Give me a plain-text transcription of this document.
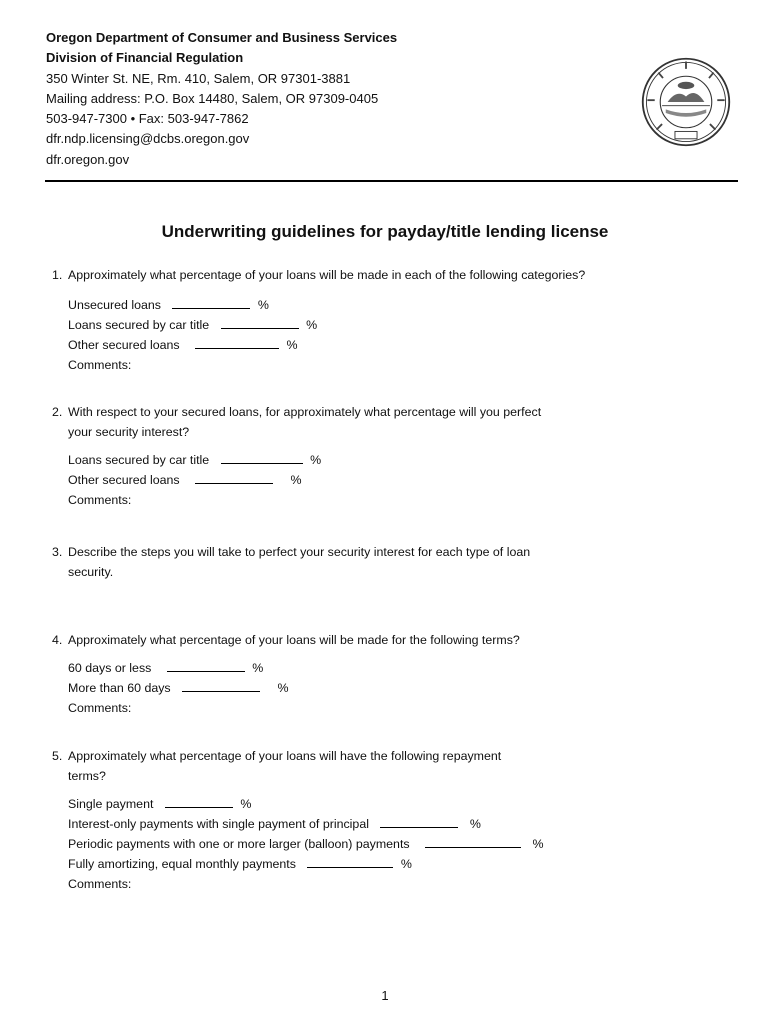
Oregon Department of Consumer and Business Services
Division of Financial Regulation
350 Winter St. NE, Rm. 410, Salem, OR 97301-3881
Mailing address: P.O. Box 14480, Salem, OR 97309-0405
503-947-7300 • Fax: 503-947-7862
dfr.ndp.licensing@dcbs.oregon.gov
dfr.oregon.gov
Underwriting guidelines for payday/title lending license
1. Approximately what percentage of your loans will be made in each of the following categories?
Unsecured loans	%
Loans secured by car title	%
Other secured loans	%
Comments:
2. With respect to your secured loans, for approximately what percentage will you perfect
your security interest?
Loans secured by car title	%
Other secured loans	%
Comments:
3. Describe the steps you will take to perfect your security interest for each type of loan
security.
4. Approximately what percentage of your loans will be made for the following terms?
60 days or less	%
More than 60 days	%
Comments:
5. Approximately what percentage of your loans will have the following repayment
terms?
Single payment	%
Interest-only payments with single payment of principal	%
Periodic payments with one or more larger (balloon) payments	%
Fully amortizing, equal monthly payments	%
Comments:
1
